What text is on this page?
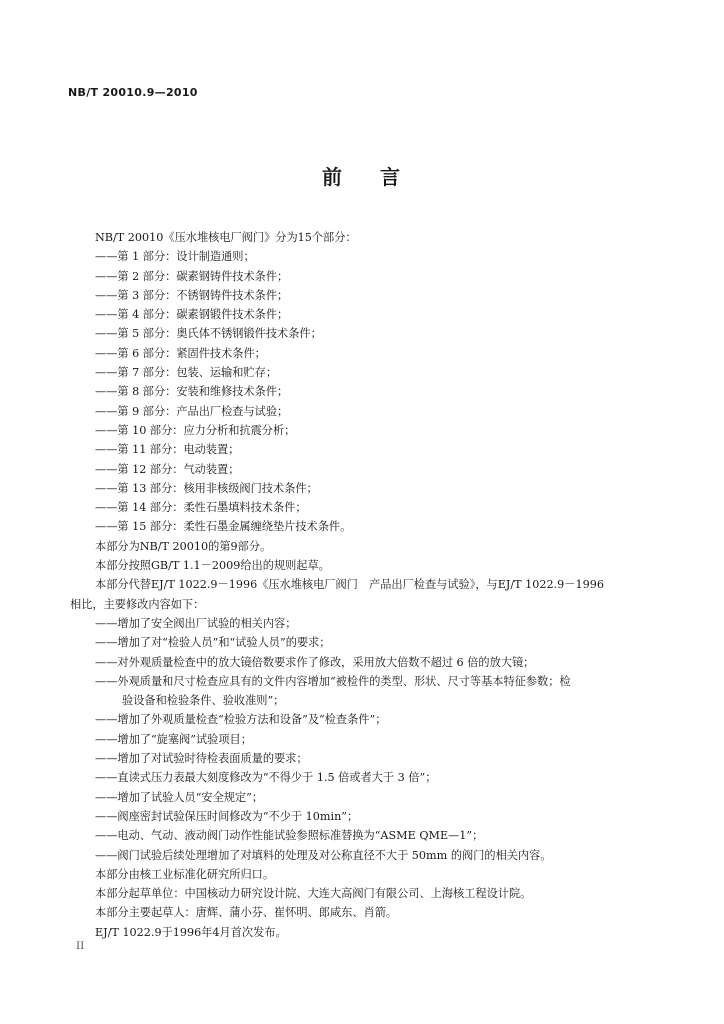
NB/T 20010.9—2010
前 言
NB/T 20010《压水堆核电厂阀门》分为15个部分：
——第 1 部分：设计制造通则；
——第 2 部分：碳素钢铸件技术条件；
——第 3 部分：不锈钢铸件技术条件；
——第 4 部分：碳素钢锻件技术条件；
——第 5 部分：奥氏体不锈钢锻件技术条件；
——第 6 部分：紧固件技术条件；
——第 7 部分：包装、运输和贮存；
——第 8 部分：安装和维修技术条件；
——第 9 部分：产品出厂检查与试验；
——第 10 部分：应力分析和抗震分析；
——第 11 部分：电动装置；
——第 12 部分：气动装置；
——第 13 部分：核用非核级阀门技术条件；
——第 14 部分：柔性石墨填料技术条件；
——第 15 部分：柔性石墨金属缠绕垫片技术条件。
本部分为NB/T 20010的第9部分。
本部分按照GB/T 1.1－2009给出的规则起草。
本部分代替EJ/T 1022.9－1996《压水堆核电厂阀门　产品出厂检查与试验》，与EJ/T 1022.9－1996
相比，主要修改内容如下：
——增加了安全阀出厂试验的相关内容；
——增加了对“检验人员”和“试验人员”的要求；
——对外观质量检查中的放大镜倍数要求作了修改，采用放大倍数不超过 6 倍的放大镜；
——外观质量和尺寸检查应具有的文件内容增加“被检件的类型、形状、尺寸等基本特征参数；检
验设备和检验条件、验收准则”；
——增加了外观质量检查“检验方法和设备”及“检查条件”；
——增加了“旋塞阀”试验项目；
——增加了对试验时待检表面质量的要求；
——直读式压力表最大刻度修改为“不得少于 1.5 倍或者大于 3 倍”；
——增加了试验人员“安全规定”；
——阀座密封试验保压时间修改为“不少于 10min”；
——电动、气动、液动阀门动作性能试验参照标准替换为“ASME QME—1”；
——阀门试验后续处理增加了对填料的处理及对公称直径不大于 50mm 的阀门的相关内容。
本部分由核工业标准化研究所归口。
本部分起草单位：中国核动力研究设计院、大连大高阀门有限公司、上海核工程设计院。
本部分主要起草人：唐辉、蒲小芬、崔怀明、郎咸东、肖箭。
EJ/T 1022.9于1996年4月首次发布。
II
